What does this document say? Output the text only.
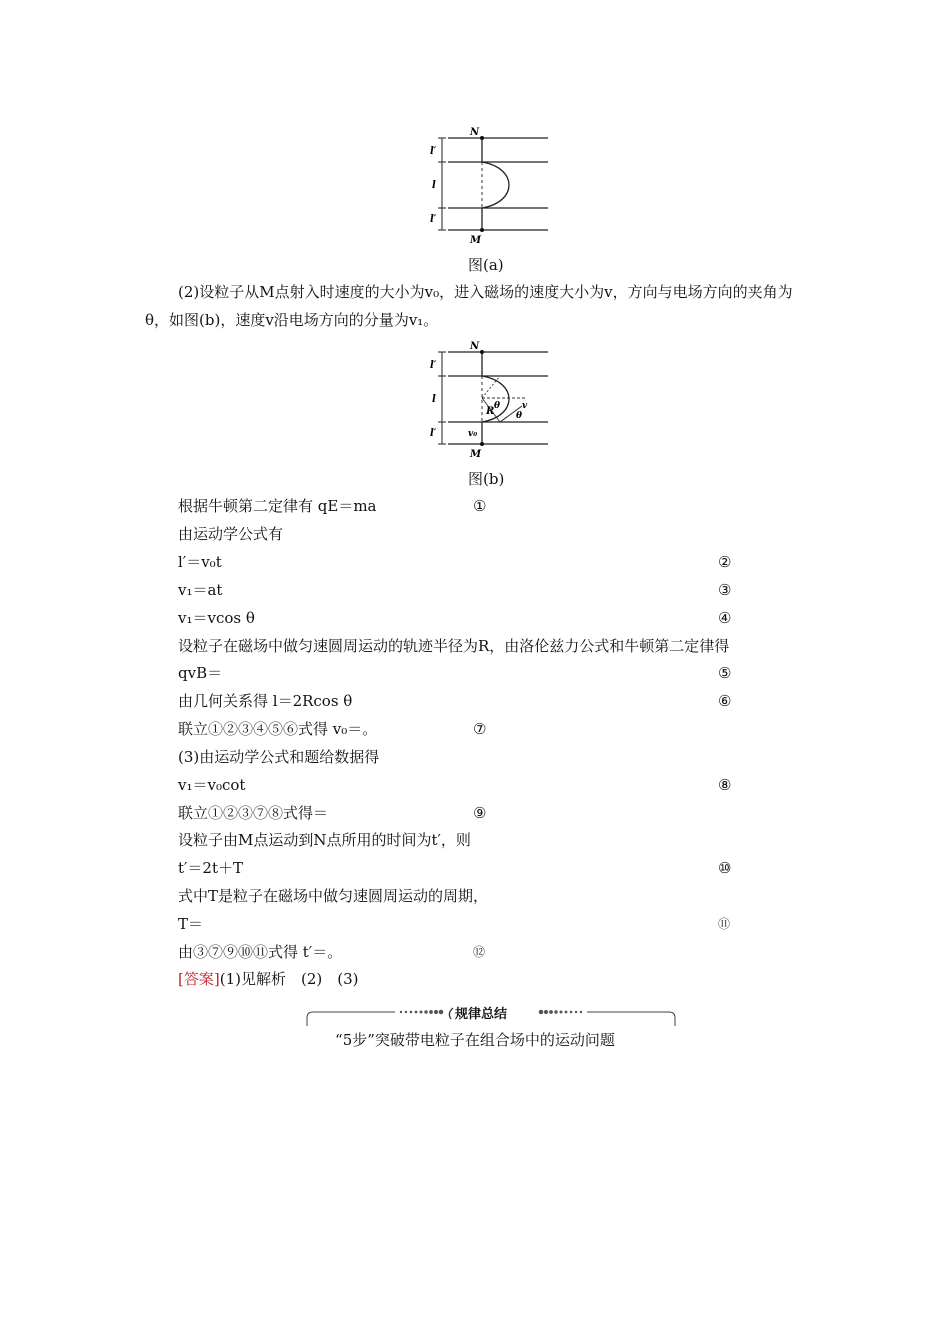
N
M
l′
l
l′
图(a)
(2)设粒子从M点射入时速度的大小为v₀，进入磁场的速度大小为v，方向与电场方向的夹角为θ，如图(b)，速度v沿电场方向的分量为v₁。
N
M
l′
l
l′
R θ
θ
v
v₀
图(b)
根据牛顿第二定律有 qE＝ma	①
由运动学公式有
l′＝v₀t	②
v₁＝at	③
v₁＝vcos θ	④
设粒子在磁场中做匀速圆周运动的轨迹半径为R，由洛伦兹力公式和牛顿第二定律得
qvB＝	⑤
由几何关系得 l＝2Rcos θ	⑥
联立①②③④⑤⑥式得 v₀＝。	⑦
(3)由运动学公式和题给数据得
v₁＝v₀cot	⑧
联立①②③⑦⑧式得＝	⑨
设粒子由M点运动到N点所用的时间为t′，则
t′＝2t＋T	⑩
式中T是粒子在磁场中做匀速圆周运动的周期，
T＝	⑪
由③⑦⑨⑩⑪式得 t′＝。	⑫
[答案](1)见解析　(2)　(3)
规律总结
“5步”突破带电粒子在组合场中的运动问题
